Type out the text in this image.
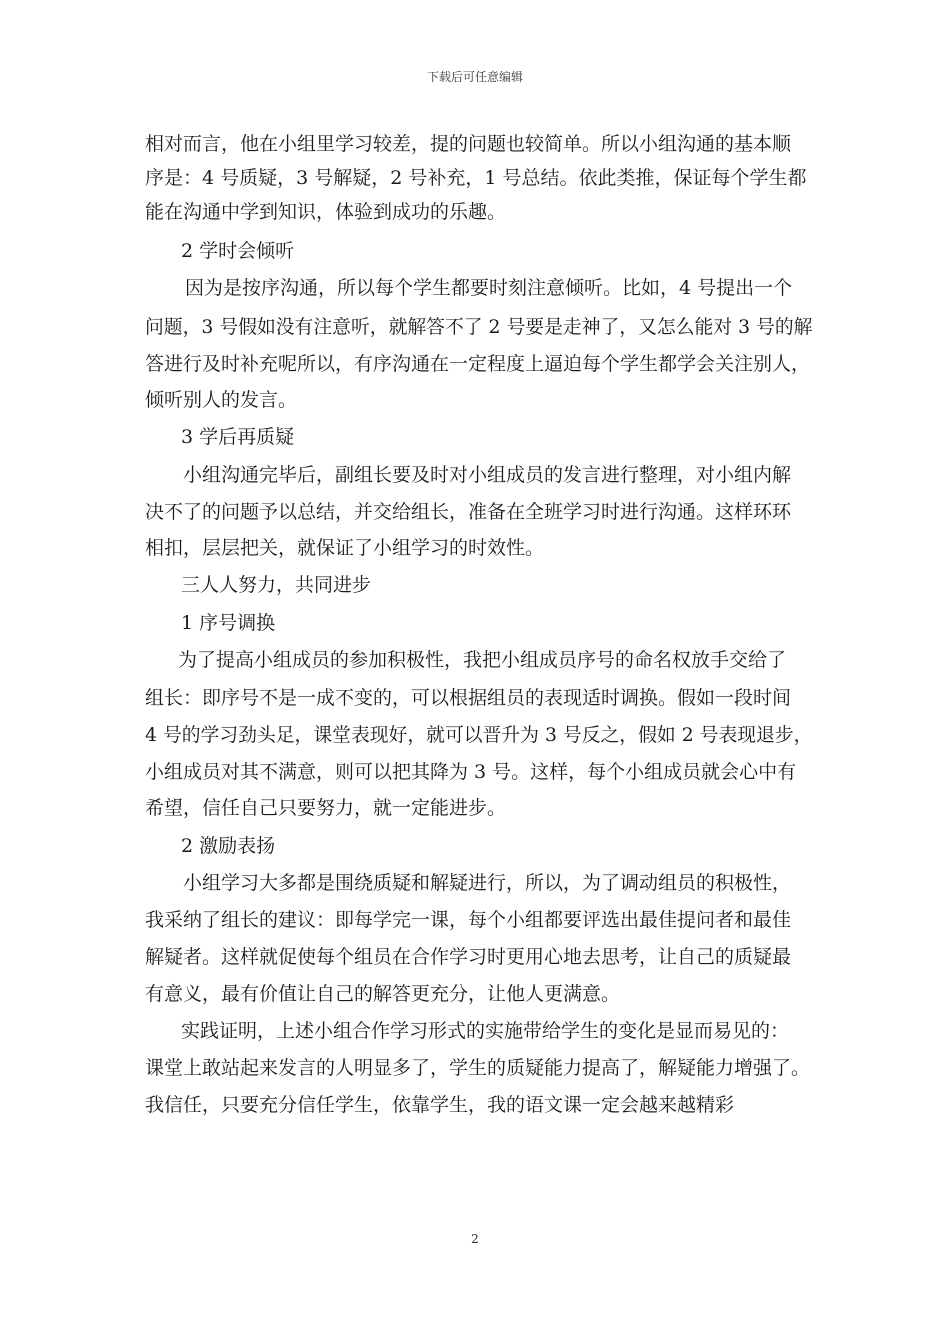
下载后可任意编辑
相对而言，他在小组里学习较差，提的问题也较简单。所以小组沟通的基本顺
序是：4 号质疑，3 号解疑，2 号补充，1 号总结。依此类推，保证每个学生都
能在沟通中学到知识，体验到成功的乐趣。
2 学时会倾听
因为是按序沟通，所以每个学生都要时刻注意倾听。比如，4 号提出一个
问题，3 号假如没有注意听，就解答不了 2 号要是走神了，又怎么能对 3 号的解
答进行及时补充呢所以，有序沟通在一定程度上逼迫每个学生都学会关注别人，
倾听别人的发言。
3 学后再质疑
小组沟通完毕后，副组长要及时对小组成员的发言进行整理，对小组内解
决不了的问题予以总结，并交给组长，准备在全班学习时进行沟通。这样环环
相扣，层层把关，就保证了小组学习的时效性。
三人人努力，共同进步
1 序号调换
为了提高小组成员的参加积极性，我把小组成员序号的命名权放手交给了
组长：即序号不是一成不变的，可以根据组员的表现适时调换。假如一段时间
4 号的学习劲头足，课堂表现好，就可以晋升为 3 号反之，假如 2 号表现退步，
小组成员对其不满意，则可以把其降为 3 号。这样，每个小组成员就会心中有
希望，信任自己只要努力，就一定能进步。
2 激励表扬
小组学习大多都是围绕质疑和解疑进行，所以，为了调动组员的积极性，
我采纳了组长的建议：即每学完一课，每个小组都要评选出最佳提问者和最佳
解疑者。这样就促使每个组员在合作学习时更用心地去思考，让自己的质疑最
有意义，最有价值让自己的解答更充分，让他人更满意。
实践证明，上述小组合作学习形式的实施带给学生的变化是显而易见的：
课堂上敢站起来发言的人明显多了，学生的质疑能力提高了，解疑能力增强了。
我信任，只要充分信任学生，依靠学生，我的语文课一定会越来越精彩
2
